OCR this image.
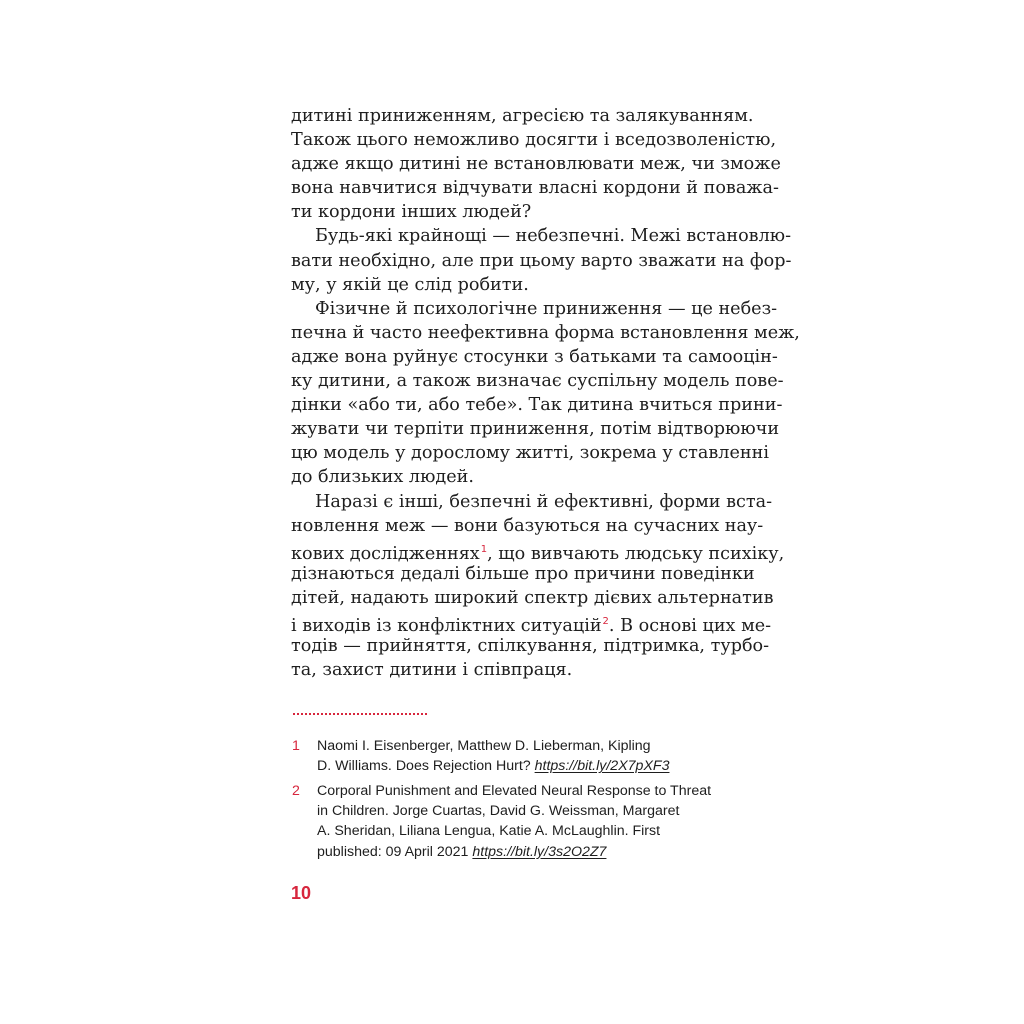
дитині приниженням, агресією та залякуванням.
Також цього неможливо досягти і вседозволеністю,
адже якщо дитині не встановлювати меж, чи зможе
вона навчитися відчувати власні кордони й поважа-
ти кордони інших людей?
Будь-які крайнощі — небезпечні. Межі встановлю-
вати необхідно, але при цьому варто зважати на фор-
му, у якій це слід робити.
Фізичне й психологічне приниження — це небез-
печна й часто неефективна форма встановлення меж,
адже вона руйнує стосунки з батьками та самооцін-
ку дитини, а також визначає суспільну модель пове-
дінки «або ти, або тебе». Так дитина вчиться прини-
жувати чи терпіти приниження, потім відтворюючи
цю модель у дорослому житті, зокрема у ставленні
до близьких людей.
Наразі є інші, безпечні й ефективні, форми вста-
новлення меж — вони базуються на сучасних нау-
кових дослідженнях$^1$, що вивчають людську психіку,
дізнаються дедалі більше про причини поведінки
дітей, надають широкий спектр дієвих альтернатив
і виходів із конфліктних ситуацій$^2$. В основі цих ме-
тодів — прийняття, спілкування, підтримка, турбо-
та, захист дитини і співпраця.
1 Naomi I. Eisenberger, Matthew D. Lieberman, Kipling
D. Williams. Does Rejection Hurt? https://bit.ly/2X7pXF3
2 Corporal Punishment and Elevated Neural Response to Threat
in Children. Jorge Cuartas, David G. Weissman, Margaret
A. Sheridan, Liliana Lengua, Katie A. McLaughlin. First
published: 09 April 2021 https://bit.ly/3s2O2Z7
10
